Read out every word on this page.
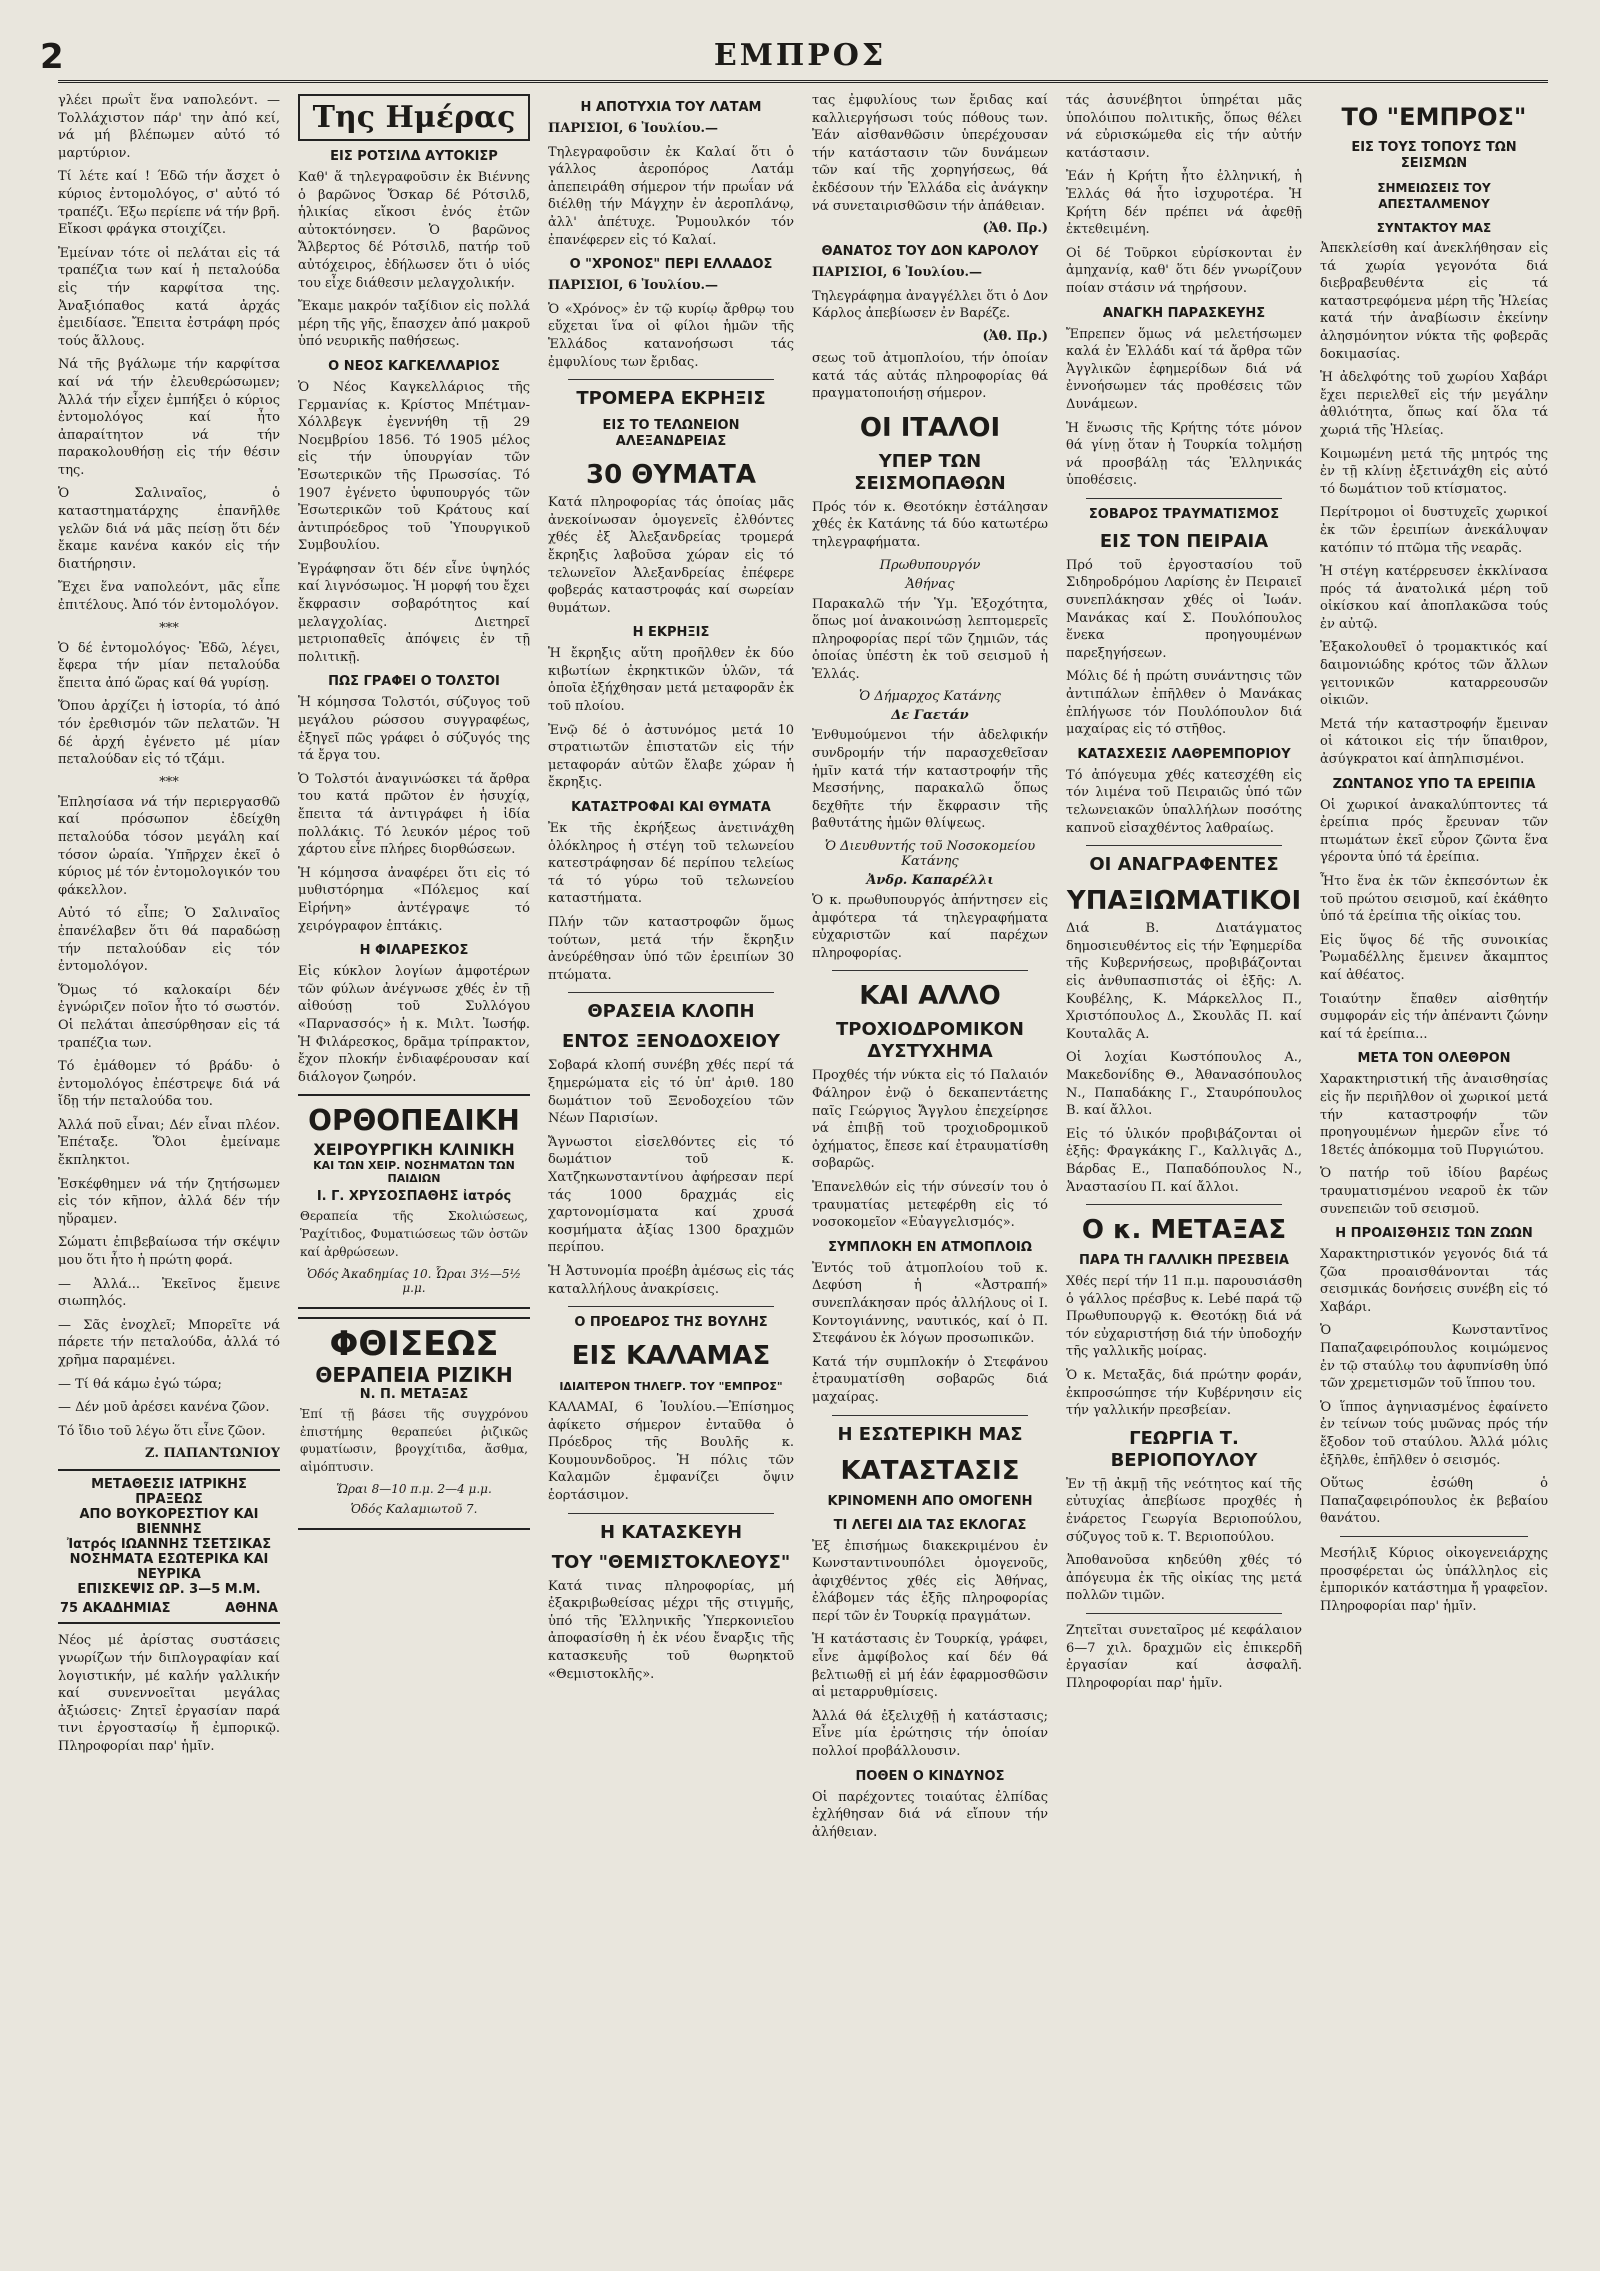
2	ΕΜΠΡΟΣ

γλέει πρωΐτ ἕνα ναπολεόντ. — Τολλάχιστον πάρ' την ἀπό κεί, νά μή βλέπωμεν αὐτό τό μαρτύριον.

Τί λέτε καί ! Έδῶ τήν ἄσχετ ὁ κύριος ἐντομολόγος, σ' αὐτό τό τραπέζι. Έξω περίεπε νά τήν βρῆ. Εἴκοσι φράγκα στοιχίζει.

Ἐμείναν τότε οἱ πελάται εἰς τά τραπέζια των καί ἡ πεταλούδα εἰς τήν καρφίτσα της. Ἀναξιόπαθος κατά ἀρχάς ἐμειδίασε. Ἔπειτα ἐστράφη πρός τούς ἄλλους.

Νά τῆς βγάλωμε τήν καρφίτσα καί νά τήν ἐλευθερώσωμεν; Ἀλλά τήν εἶχεν ἐμπήξει ὁ κύριος ἐντομολόγος καί ἦτο ἀπαραίτητον νά τήν παρακολουθήσῃ εἰς τήν θέσιν της.

Ὁ Σαλιναῖος, ὁ καταστηματάρχης ἐπανῆλθε γελῶν διά νά μᾶς πείσῃ ὅτι δέν ἔκαμε κανένα κακόν εἰς τήν διατήρησιν.

Ἔχει ἕνα ναπολεόντ, μᾶς εἶπε ἐπιτέλους. Ἀπό τόν ἐντομολόγον.

***

Ὁ δέ ἐντομολόγος· Ἐδῶ, λέγει, ἔφερα τήν μίαν πεταλούδα ἔπειτα ἀπό ὥρας καί θά γυρίσῃ.

Ὅπου ἀρχίζει ἡ ἱστορία, τό ἀπό τόν ἐρεθισμόν τῶν πελατῶν. Ἡ δέ ἀρχή ἐγένετο μέ μίαν πεταλούδαν εἰς τό τζάμι.

***

Ἐπλησίασα νά τήν περιεργασθῶ καί πρόσωπον ἐδείχθη πεταλούδα τόσον μεγάλη καί τόσον ὡραία. Ὑπῆρχεν ἐκεῖ ὁ κύριος μέ τόν ἐντομολογικόν του φάκελλον.

Αὐτό τό εἶπε; Ὁ Σαλιναῖος ἐπανέλαβεν ὅτι θά παραδώσῃ τήν πεταλούδαν εἰς τόν ἐντομολόγον.

Ὅμως τό καλοκαίρι δέν ἐγνώριζεν ποῖον ἦτο τό σωστόν. Οἱ πελάται ἀπεσύρθησαν εἰς τά τραπέζια των.

Τό ἐμάθομεν τό βράδυ· ὁ ἐντομολόγος ἐπέστρεψε διά νά ἴδῃ τήν πεταλούδα του.

Ἀλλά ποῦ εἶναι; Δέν εἶναι πλέον. Ἐπέταξε. Ὅλοι ἐμείναμε ἔκπληκτοι.

Ἐσκέφθημεν νά τήν ζητήσωμεν εἰς τόν κῆπον, ἀλλά δέν τήν ηὕραμεν.

Σώματι ἐπιβεβαίωσα τήν σκέψιν μου ὅτι ἦτο ἡ πρώτη φορά.

— Ἀλλά... Ἐκεῖνος ἔμεινε σιωπηλός.

— Σᾶς ἐνοχλεῖ; Μπορεῖτε νά πάρετε τήν πεταλούδα, ἀλλά τό χρῆμα παραμένει.

— Τί θά κάμω ἐγώ τώρα;

— Δέν μοῦ ἀρέσει κανένα ζῶον.

Τό ἴδιο τοῦ λέγω ὅτι εἶνε ζῶον.

Ζ. ΠΑΠΑΝΤΩΝΙΟΥ
ΜΕΤΑΘΕΣΙΣ ΙΑΤΡΙΚΗΣ ΠΡΑΞΕΩΣ
ΑΠΟ ΒΟΥΚΟΡΕΣΤΙΟΥ ΚΑΙ ΒΙΕΝΝΗΣ
Ἰατρός ΙΩΑΝΝΗΣ ΤΣΕΤΣΙΚΑΣ
ΝΟΣΗΜΑΤΑ ΕΣΩΤΕΡΙΚΑ ΚΑΙ ΝΕΥΡΙΚΑ
ΕΠΙΣΚΕΨΙΣ ΩΡ. 3—5 Μ.Μ.
75 ΑΚΑΔΗΜΙΑΣ	ΑΘΗΝΑ

Νέος μέ ἀρίστας συστάσεις γνωρίζων τήν διπλογραφίαν καί λογιστικήν, μέ καλήν γαλλικήν καί συνεννοεῖται μεγάλας ἀξιώσεις· Ζητεῖ ἐργασίαν παρά τινι ἐργοστασίῳ ἤ ἐμπορικῷ. Πληροφορίαι παρ' ἡμῖν.

Της Ημέρας
ΕΙΣ ΡΟΤΣΙΛΔ ΑΥΤΟΚΙΣΡ

Καθ' ἅ τηλεγραφοῦσιν ἐκ Βιέννης ὁ βαρῶνος Ὄσκαρ δέ Ρότσιλδ, ἡλικίας εἴκοσι ἐνός ἐτῶν αὐτοκτόνησεν. Ὁ βαρῶνος Ἄλβερτος δέ Ρότσιλδ, πατήρ τοῦ αὐτόχειρος, ἐδήλωσεν ὅτι ὁ υἱός του εἶχε διάθεσιν μελαγχολικήν.

Ἔκαμε μακρόν ταξίδιον εἰς πολλά μέρη τῆς γῆς, ἔπασχεν ἀπό μακροῦ ὑπό νευρικῆς παθήσεως.

Ο ΝΕΟΣ ΚΑΓΚΕΛΛΑΡΙΟΣ

Ὁ Νέος Καγκελλάριος τῆς Γερμανίας κ. Κρίστος Μπέτμαν-Χόλλβεγκ ἐγεννήθη τῇ 29 Νοεμβρίου 1856. Τό 1905 μέλος εἰς τήν ὑπουργίαν τῶν Ἐσωτερικῶν τῆς Πρωσσίας. Τό 1907 ἐγένετο ὑφυπουργός τῶν Ἐσωτερικῶν τοῦ Κράτους καί ἀντιπρόεδρος τοῦ Ὑπουργικοῦ Συμβουλίου.

Ἐγράφησαν ὅτι δέν εἶνε ὑψηλός καί λιγνόσωμος. Ἡ μορφή του ἔχει ἔκφρασιν σοβαρότητος καί μελαγχολίας. Διετηρεῖ μετριοπαθεῖς ἀπόψεις ἐν τῇ πολιτικῇ.

ΠΩΣ ΓΡΑΦΕΙ Ο ΤΟΛΣΤΟΙ

Ἡ κόμησσα Τολστόι, σύζυγος τοῦ μεγάλου ρώσσου συγγραφέως, ἐξηγεῖ πῶς γράφει ὁ σύζυγός της τά ἔργα του.

Ὁ Τολστόι ἀναγινώσκει τά ἄρθρα του κατά πρῶτον ἐν ἡσυχίᾳ, ἔπειτα τά ἀντιγράφει ἡ ἰδία πολλάκις. Τό λευκόν μέρος τοῦ χάρτου εἶνε πλήρες διορθώσεων.

Ἡ κόμησσα ἀναφέρει ὅτι εἰς τό μυθιστόρημα «Πόλεμος καί Εἰρήνη» ἀντέγραψε τό χειρόγραφον ἑπτάκις.

Η ΦΙΛΑΡΕΣΚΟΣ

Εἰς κύκλον λογίων ἀμφοτέρων τῶν φύλων ἀνέγνωσε χθές ἐν τῇ αἰθούσῃ τοῦ Συλλόγου «Παρνασσός» ἡ κ. Μιλτ. Ἰωσήφ. Ἡ Φιλάρεσκος, δρᾶμα τρίπρακτον, ἔχον πλοκήν ἐνδιαφέρουσαν καί διάλογον ζωηρόν.

ΟΡΘΟΠΕΔΙΚΗ
ΧΕΙΡΟΥΡΓΙΚΗ ΚΛΙΝΙΚΗ
ΚΑΙ ΤΩΝ ΧΕΙΡ. ΝΟΣΗΜΑΤΩΝ ΤΩΝ ΠΑΙΔΙΩΝ
Ι. Γ. ΧΡΥΣΟΣΠΑΘΗΣ ἰατρός

Θεραπεία τῆς Σκολιώσεως, Ῥαχίτιδος, Φυματιώσεως τῶν ὀστῶν καί ἀρθρώσεων.

Ὁδός Ἀκαδημίας 10. Ὧραι 3½—5½ μ.μ.
ΦΘΙΣΕΩΣ
ΘΕΡΑΠΕΙΑ ΡΙΖΙΚΗ
Ν. Π. ΜΕΤΑΞΑΣ

Ἐπί τῇ βάσει τῆς συγχρόνου ἐπιστήμης θεραπεύει ῥιζικῶς φυματίωσιν, βρογχίτιδα, ἄσθμα, αἰμόπτυσιν.

Ὥραι 8—10 π.μ. 2—4 μ.μ.
Ὁδός Καλαμιωτοῦ 7.
Η ΑΠΟΤΥΧΙΑ ΤΟΥ ΛΑΤΑΜ

ΠΑΡΙΣΙΟΙ, 6 Ἰουλίου.—

Τηλεγραφοῦσιν ἐκ Καλαί ὅτι ὁ γάλλος ἀεροπόρος Λατάμ ἀπεπειράθη σήμερον τήν πρωΐαν νά διέλθῃ τήν Μάγχην ἐν ἀεροπλάνῳ, ἀλλ' ἀπέτυχε. Ῥυμουλκόν τόν ἐπανέφερεν εἰς τό Καλαί.

Ο "ΧΡΟΝΟΣ" ΠΕΡΙ ΕΛΛΑΔΟΣ

ΠΑΡΙΣΙΟΙ, 6 Ἰουλίου.—

Ὁ «Χρόνος» ἐν τῷ κυρίῳ ἄρθρῳ του εὔχεται ἵνα οἱ φίλοι ἡμῶν τῆς Ἑλλάδος κατανοήσωσι τάς ἐμφυλίους των ἔριδας.

ΤΡΟΜΕΡΑ ΕΚΡΗΞΙΣ
ΕΙΣ ΤΟ ΤΕΛΩΝΕΙΟΝ ΑΛΕΞΑΝΔΡΕΙΑΣ
30 ΘΥΜΑΤΑ

Κατά πληροφορίας τάς ὁποίας μᾶς ἀνεκοίνωσαν ὁμογενεῖς ἐλθόντες χθές ἐξ Ἀλεξανδρείας τρομερά ἔκρηξις λαβοῦσα χώραν εἰς τό τελωνεῖον Ἀλεξανδρείας ἐπέφερε φοβεράς καταστροφάς καί σωρείαν θυμάτων.

Η ΕΚΡΗΞΙΣ

Ἡ ἔκρηξις αὕτη προῆλθεν ἐκ δύο κιβωτίων ἐκρηκτικῶν ὑλῶν, τά ὁποῖα ἐξήχθησαν μετά μεταφορᾶν ἐκ τοῦ πλοίου.

Ἐνῷ δέ ὁ ἀστυνόμος μετά 10 στρατιωτῶν ἐπιστατῶν εἰς τήν μεταφοράν αὐτῶν ἔλαβε χώραν ἡ ἔκρηξις.

ΚΑΤΑΣΤΡΟΦΑΙ ΚΑΙ ΘΥΜΑΤΑ

Ἐκ τῆς ἐκρήξεως ἀνετινάχθη ὁλόκληρος ἡ στέγη τοῦ τελωνείου κατεστράφησαν δέ περίπου τελείως τά τό γύρω τοῦ τελωνείου καταστήματα.

Πλήν τῶν καταστροφῶν ὅμως τούτων, μετά τήν ἔκρηξιν ἀνεύρέθησαν ὑπό τῶν ἐρειπίων 30 πτώματα.

ΘΡΑΣΕΙΑ ΚΛΟΠΗ
ΕΝΤΟΣ ΞΕΝΟΔΟΧΕΙΟΥ

Σοβαρά κλοπή συνέβη χθές περί τά ξημερώματα εἰς τό ὑπ' ἀριθ. 180 δωμάτιον τοῦ Ξενοδοχείου τῶν Νέων Παρισίων.

Ἄγνωστοι εἰσελθόντες εἰς τό δωμάτιον τοῦ κ. Χατζηκωνσταντίνου ἀφήρεσαν περί τάς 1000 δραχμάς εἰς χαρτονομίσματα καί χρυσά κοσμήματα ἀξίας 1300 δραχμῶν περίπου.

Ἡ Ἀστυνομία προέβη ἀμέσως εἰς τάς καταλλήλους ἀνακρίσεις.

Ο ΠΡΟΕΔΡΟΣ ΤΗΣ ΒΟΥΛΗΣ
ΕΙΣ ΚΑΛΑΜΑΣ
ΙΔΙΑΙΤΕΡΟΝ ΤΗΛΕΓΡ. ΤΟΥ "ΕΜΠΡΟΣ"

ΚΑΛΑΜΑΙ, 6 Ἰουλίου.—Ἐπίσημος ἀφίκετο σήμερον ἐνταῦθα ὁ Πρόεδρος τῆς Βουλῆς κ. Κουμουνδοῦρος. Ἡ πόλις τῶν Καλαμῶν ἐμφανίζει ὄψιν ἑορτάσιμον.

Η ΚΑΤΑΣΚΕΥΗ
ΤΟΥ "ΘΕΜΙΣΤΟΚΛΕΟΥΣ"

Κατά τινας πληροφορίας, μή ἐξακριβωθείσας μέχρι τῆς στιγμῆς, ὑπό τῆς Ἑλληνικῆς Ὑπερκονιεῖου ἀποφασίσθη ἡ ἐκ νέου ἔναρξις τῆς κατασκευῆς τοῦ θωρηκτοῦ «Θεμιστοκλῆς».

τας ἐμφυλίους των ἔριδας καί καλλιεργήσωσι τούς πόθους των. Ἐάν αἰσθανθῶσιν ὑπερέχουσαν τήν κατάστασιν τῶν δυνάμεων τῶν καί τῆς χορηγήσεως, θά ἐκδέσουν τήν Ἑλλάδα εἰς ἀνάγκην νά συνεταιρισθῶσιν τήν ἀπάθειαν.

(Ἀθ. Πρ.)
ΘΑΝΑΤΟΣ ΤΟΥ ΔΟΝ ΚΑΡΟΛΟΥ

ΠΑΡΙΣΙΟΙ, 6 Ἰουλίου.—

Τηλεγράφημα ἀναγγέλλει ὅτι ὁ Δον Κάρλος ἀπεβίωσεν ἐν Βαρέζε.

(Ἀθ. Πρ.)

σεως τοῦ ἀτμοπλοίου, τήν ὁποίαν κατά τάς αὐτάς πληροφορίας θά πραγματοποιήσῃ σήμερον.

ΟΙ ΙΤΑΛΟΙ
ΥΠΕΡ ΤΩΝ ΣΕΙΣΜΟΠΑΘΩΝ

Πρός τόν κ. Θεοτόκην ἐστάλησαν χθές ἐκ Κατάνης τά δύο κατωτέρω τηλεγραφήματα.

Πρωθυπουργόν
Ἀθήνας

Παρακαλῶ τήν Ὑμ. Ἐξοχότητα, ὅπως μοί ἀνακοινώσῃ λεπτομερεῖς πληροφορίας περί τῶν ζημιῶν, τάς ὁποίας ὑπέστη ἐκ τοῦ σεισμοῦ ἡ Ἑλλάς.

Ὁ Δήμαρχος Κατάνης
Δε Γαετάν

Ἐνθυμούμενοι τήν ἀδελφικήν συνδρομήν τήν παρασχεθεῖσαν ἡμῖν κατά τήν καταστροφήν τῆς Μεσσήνης, παρακαλῶ ὅπως δεχθῆτε τήν ἔκφρασιν τῆς βαθυτάτης ἡμῶν θλίψεως.

Ὁ Διευθυντής τοῦ Νοσοκομείου Κατάνης
Ἀνδρ. Καπαρέλλι

Ὁ κ. πρωθυπουργός ἀπήντησεν εἰς ἀμφότερα τά τηλεγραφήματα εὐχαριστῶν καί παρέχων πληροφορίας.

ΚΑΙ ΑΛΛΟ
ΤΡΟΧΙΟΔΡΟΜΙΚΟΝ ΔΥΣΤΥΧΗΜΑ

Προχθές τήν νύκτα εἰς τό Παλαιόν Φάληρον ἐνῷ ὁ δεκαπεντάετης παῖς Γεώργιος Ἄγγλου ἐπεχείρησε νά ἐπιβῇ τοῦ τροχιοδρομικοῦ ὀχήματος, ἔπεσε καί ἐτραυματίσθη σοβαρῶς.

Ἐπανελθών εἰς τήν σύνεσίν του ὁ τραυματίας μετεφέρθη εἰς τό νοσοκομεῖον «Εὐαγγελισμός».

ΣΥΜΠΛΟΚΗ ΕΝ ΑΤΜΟΠΛΟΙΩ

Ἐντός τοῦ ἀτμοπλοίου τοῦ κ. Δεφύση ἡ «Ἀστραπή» συνεπλάκησαν πρός ἀλλήλους οἱ Ι. Κοντογιάννης, ναυτικός, καί ὁ Π. Στεφάνου ἐκ λόγων προσωπικῶν.

Κατά τήν συμπλοκήν ὁ Στεφάνου ἐτραυματίσθη σοβαρῶς διά μαχαίρας.

Η ΕΣΩΤΕΡΙΚΗ ΜΑΣ
ΚΑΤΑΣΤΑΣΙΣ
ΚΡΙΝΟΜΕΝΗ ΑΠΟ ΟΜΟΓΕΝΗ
ΤΙ ΛΕΓΕΙ ΔΙΑ ΤΑΣ ΕΚΛΟΓΑΣ

Ἐξ ἐπισήμως διακεκριμένου ἐν Κωνσταντινουπόλει ὁμογενοῦς, ἀφιχθέντος χθές εἰς Ἀθήνας, ἐλάβομεν τάς ἑξῆς πληροφορίας περί τῶν ἐν Τουρκίᾳ πραγμάτων.

Ἡ κατάστασις ἐν Τουρκίᾳ, γράφει, εἶνε ἀμφίβολος καί δέν θά βελτιωθῇ εἰ μή ἐάν ἐφαρμοσθῶσιν αἱ μεταρρυθμίσεις.

Ἀλλά θά ἐξελιχθῇ ἡ κατάστασις; Εἶνε μία ἐρώτησις τήν ὁποίαν πολλοί προβάλλουσιν.

ΠΟΘΕΝ Ο ΚΙΝΔΥΝΟΣ

Οἱ παρέχοντες τοιαύτας ἐλπίδας ἐχλήθησαν διά νά εἴπουν τήν ἀλήθειαν.

τάς ἀσυνέβητοι ὑπηρέται μᾶς ὑπολόιπου πολιτικῆς, ὅπως θέλει νά εὐρισκώμεθα εἰς τήν αὐτήν κατάστασιν.

Ἐάν ἡ Κρήτη ἦτο ἑλληνική, ἡ Ἑλλάς θά ἦτο ἰσχυροτέρα. Ἡ Κρήτη δέν πρέπει νά ἀφεθῇ ἐκτεθειμένη.

Οἱ δέ Τοῦρκοι εὑρίσκονται ἐν ἀμηχανίᾳ, καθ' ὅτι δέν γνωρίζουν ποίαν στάσιν νά τηρήσουν.

ΑΝΑΓΚΗ ΠΑΡΑΣΚΕΥΗΣ

Ἔπρεπεν ὅμως νά μελετήσωμεν καλά ἐν Ἑλλάδι καί τά ἄρθρα τῶν Ἀγγλικῶν ἐφημερίδων διά νά ἐννοήσωμεν τάς προθέσεις τῶν Δυνάμεων.

Ἡ ἕνωσις τῆς Κρήτης τότε μόνον θά γίνῃ ὅταν ἡ Τουρκία τολμήσῃ νά προσβάλῃ τάς Ἑλληνικάς ὑποθέσεις.

ΣΟΒΑΡΟΣ ΤΡΑΥΜΑΤΙΣΜΟΣ
ΕΙΣ ΤΟΝ ΠΕΙΡΑΙΑ

Πρό τοῦ ἐργοστασίου τοῦ Σιδηροδρόμου Λαρίσης ἐν Πειραιεῖ συνεπλάκησαν χθές οἱ Ἰωάν. Μανάκας καί Σ. Πουλόπουλος ἕνεκα προηγουμένων παρεξηγήσεων.

Μόλις δέ ἡ πρώτη συνάντησις τῶν ἀντιπάλων ἐπῆλθεν ὁ Μανάκας ἐπλήγωσε τόν Πουλόπουλον διά μαχαίρας εἰς τό στῆθος.

ΚΑΤΑΣΧΕΣΙΣ ΛΑΘΡΕΜΠΟΡΙΟΥ

Τό ἀπόγευμα χθές κατεσχέθη εἰς τόν λιμένα τοῦ Πειραιῶς ὑπό τῶν τελωνειακῶν ὑπαλλήλων ποσότης καπνοῦ εἰσαχθέντος λαθραίως.

ΟΙ ΑΝΑΓΡΑΦΕΝΤΕΣ
ΥΠΑΞΙΩΜΑΤΙΚΟΙ

Διά Β. Διατάγματος δημοσιευθέντος εἰς τήν Ἐφημερίδα τῆς Κυβερνήσεως, προβιβάζονται εἰς ἀνθυπασπιστάς οἱ ἑξῆς: Λ. Κουβέλης, Κ. Μάρκελλος Π., Χριστόπουλος Δ., Σκουλᾶς Π. καί Κουταλᾶς Α.

Οἱ λοχίαι Κωστόπουλος Α., Μακεδονίδης Θ., Ἀθανασόπουλος Ν., Παπαδάκης Γ., Σταυρόπουλος Β. καί ἄλλοι.

Εἰς τό ὑλικόν προβιβάζονται οἱ ἑξῆς: Φραγκάκης Γ., Καλλιγᾶς Δ., Βάρδας Ε., Παπαδόπουλος Ν., Ἀναστασίου Π. καί ἄλλοι.

Ο κ. ΜΕΤΑΞΑΣ
ΠΑΡΑ ΤΗ ΓΑΛΛΙΚΗ ΠΡΕΣΒΕΙΑ

Χθές περί τήν 11 π.μ. παρουσιάσθη ὁ γάλλος πρέσβυς κ. Lebé παρά τῷ Πρωθυπουργῷ κ. Θεοτόκῃ διά νά τόν εὐχαριστήσῃ διά τήν ὑποδοχήν τῆς γαλλικῆς μοίρας.

Ὁ κ. Μεταξᾶς, διά πρώτην φοράν, ἐκπροσώπησε τήν Κυβέρνησιν εἰς τήν γαλλικήν πρεσβείαν.

ΓΕΩΡΓΙΑ Τ. ΒΕΡΙΟΠΟΥΛΟΥ

Ἐν τῇ ἀκμῇ τῆς νεότητος καί τῆς εὐτυχίας ἀπεβίωσε προχθές ἡ ἐνάρετος Γεωργία Βεριοπούλου, σύζυγος τοῦ κ. Τ. Βεριοπούλου.

Ἀποθανοῦσα κηδεύθη χθές τό ἀπόγευμα ἐκ τῆς οἰκίας της μετά πολλῶν τιμῶν.

Ζητεῖται συνεταῖρος μέ κεφάλαιον 6—7 χιλ. δραχμῶν εἰς ἐπικερδῆ ἐργασίαν καί ἀσφαλῆ. Πληροφορίαι παρ' ἡμῖν.

ΤΟ "ΕΜΠΡΟΣ"
ΕΙΣ ΤΟΥΣ ΤΟΠΟΥΣ ΤΩΝ ΣΕΙΣΜΩΝ
ΣΗΜΕΙΩΣΕΙΣ ΤΟΥ ΑΠΕΣΤΑΛΜΕΝΟΥ
ΣΥΝΤΑΚΤΟΥ ΜΑΣ

Ἀπεκλείσθη καί ἀνεκλήθησαν εἰς τά χωρία γεγονότα διά διεβραβευθέντα εἰς τά καταστρεφόμενα μέρη τῆς Ἠλείας κατά τήν ἀναβίωσιν ἐκείνην ἀλησμόνητον νύκτα τῆς φοβερᾶς δοκιμασίας.

Ἡ ἀδελφότης τοῦ χωρίου Χαβάρι ἔχει περιελθεῖ εἰς τήν μεγάλην ἀθλιότητα, ὅπως καί ὅλα τά χωριά τῆς Ἠλείας.

Κοιμωμένη μετά τῆς μητρός της ἐν τῇ κλίνῃ ἐξετινάχθη εἰς αὐτό τό δωμάτιον τοῦ κτίσματος.

Περίτρομοι οἱ δυστυχεῖς χωρικοί ἐκ τῶν ἐρειπίων ἀνεκάλυψαν κατόπιν τό πτῶμα τῆς νεαρᾶς.

Ἡ στέγη κατέρρευσεν ἐκκλίνασα πρός τά ἀνατολικά μέρη τοῦ οἰκίσκου καί ἀποπλακῶσα τούς ἐν αὐτῷ.

Ἐξακολουθεῖ ὁ τρομακτικός καί δαιμονιώδης κρότος τῶν ἄλλων γειτονικῶν καταρρεουσῶν οἰκιῶν.

Μετά τήν καταστροφήν ἔμειναν οἱ κάτοικοι εἰς τήν ὕπαιθρον, ἀσύγκρατοι καί ἀπηλπισμένοι.

ΖΩΝΤΑΝΟΣ ΥΠΟ ΤΑ ΕΡΕΙΠΙΑ

Οἱ χωρικοί ἀνακαλύπτοντες τά ἐρείπια πρός ἔρευναν τῶν πτωμάτων ἐκεῖ εὗρον ζῶντα ἕνα γέροντα ὑπό τά ἐρείπια.

Ἦτο ἕνα ἐκ τῶν ἐκπεσόντων ἐκ τοῦ πρώτου σεισμοῦ, καί ἐκάθητο ὑπό τά ἐρείπια τῆς οἰκίας του.

Εἰς ὕψος δέ τῆς συνοικίας Ῥωμαδέλλης ἔμεινεν ἄκαμπτος καί ἀθέατος.

Τοιαύτην ἔπαθεν αἰσθητήν συμφοράν εἰς τήν ἀπέναντι ζώνην καί τά ἐρείπια...

ΜΕΤΑ ΤΟΝ ΟΛΕΘΡΟΝ

Χαρακτηριστική τῆς ἀναισθησίας εἰς ἥν περιῆλθον οἱ χωρικοί μετά τήν καταστροφήν τῶν προηγουμένων ἡμερῶν εἶνε τό 18ετές ἀπόκομμα τοῦ Πυργιώτου.

Ὁ πατήρ τοῦ ἰδίου βαρέως τραυματισμένου νεαροῦ ἐκ τῶν συνεπειῶν τοῦ σεισμοῦ.

Η ΠΡΟΑΙΣΘΗΣΙΣ ΤΩΝ ΖΩΩΝ

Χαρακτηριστικόν γεγονός διά τά ζῶα προαισθάνονται τάς σεισμικάς δονήσεις συνέβη εἰς τό Χαβάρι.

Ὁ Κωνσταντῖνος Παπαζαφειρόπουλος κοιμώμενος ἐν τῷ σταύλῳ του ἀφυπνίσθη ὑπό τῶν χρεμετισμῶν τοῦ ἵππου του.

Ὁ ἵππος ἀγηνιασμένος ἐφαίνετο ἐν τείνων τούς μυῶνας πρός τήν ἔξοδον τοῦ σταύλου. Ἀλλά μόλις ἐξῆλθε, ἐπῆλθεν ὁ σεισμός.

Οὕτως ἐσώθη ὁ Παπαζαφειρόπουλος ἐκ βεβαίου θανάτου.

Μεσήλιξ Κύριος οἰκογενειάρχης προσφέρεται ὡς ὑπάλληλος εἰς ἐμπορικόν κατάστημα ἤ γραφεῖον. Πληροφορίαι παρ' ἡμῖν.
